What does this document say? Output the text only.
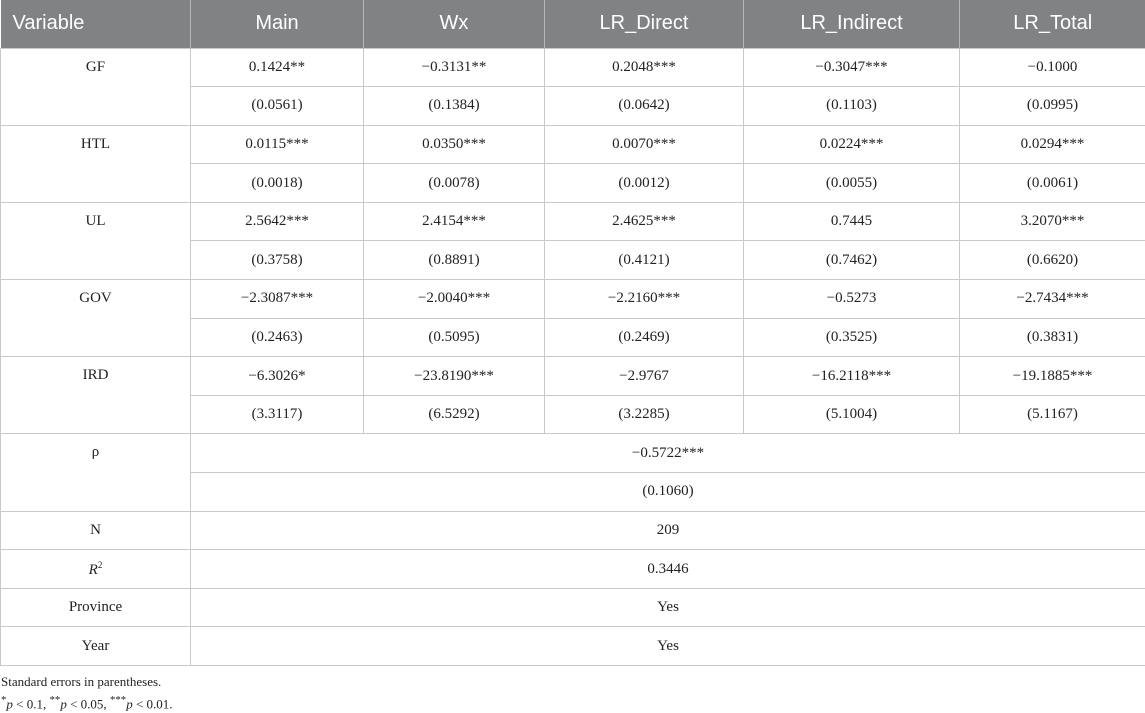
Variable	Main	Wx	LR_Direct	LR_Indirect	LR_Total
GF	0.1424**	−0.3131**	0.2048***	−0.3047***	−0.1000
	(0.0561)	(0.1384)	(0.0642)	(0.1103)	(0.0995)
HTL	0.0115***	0.0350***	0.0070***	0.0224***	0.0294***
	(0.0018)	(0.0078)	(0.0012)	(0.0055)	(0.0061)
UL	2.5642***	2.4154***	2.4625***	0.7445	3.2070***
	(0.3758)	(0.8891)	(0.4121)	(0.7462)	(0.6620)
GOV	−2.3087***	−2.0040***	−2.2160***	−0.5273	−2.7434***
	(0.2463)	(0.5095)	(0.2469)	(0.3525)	(0.3831)
IRD	−6.3026*	−23.8190***	−2.9767	−16.2118***	−19.1885***
	(3.3117)	(6.5292)	(3.2285)	(5.1004)	(5.1167)
ρ	−0.5722***				
	(0.1060)				
N	209				
$R^2$	0.3446				
Province	Yes				
Year	Yes				
Standard errors in parentheses.
*p < 0.1, **p < 0.05, ***p < 0.01.
